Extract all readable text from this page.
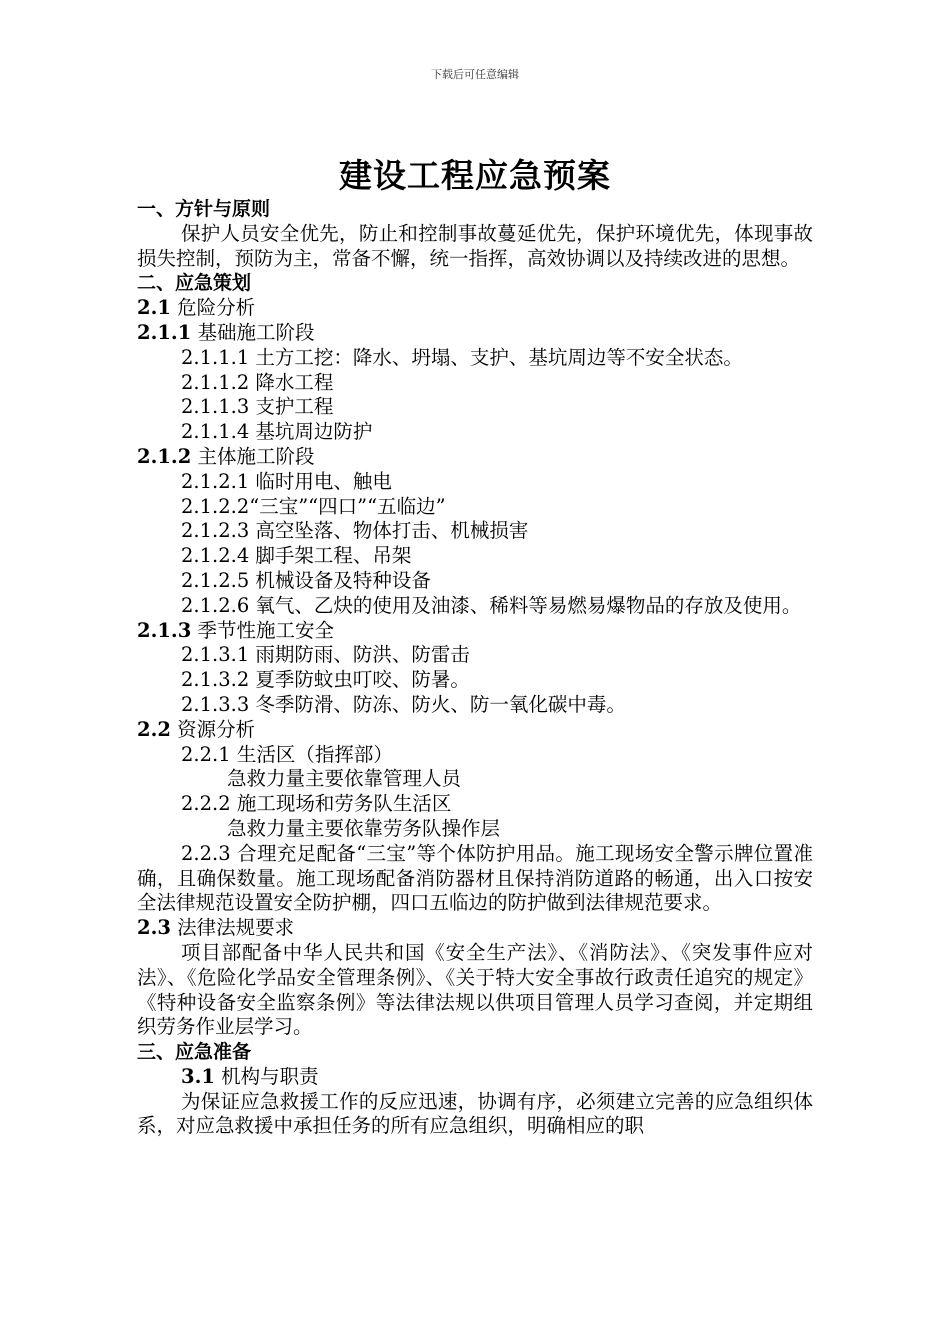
下载后可任意编辑
建设工程应急预案

一、方针与原则

保护人员安全优先，防止和控制事故蔓延优先，保护环境优先，体现事故损失控制，预防为主，常备不懈，统一指挥，高效协调以及持续改进的思想。

二、应急策划

2.1 危险分析

2.1.1 基础施工阶段

2.1.1.1 土方工挖：降水、坍塌、支护、基坑周边等不安全状态。

2.1.1.2 降水工程

2.1.1.3 支护工程

2.1.1.4 基坑周边防护

2.1.2 主体施工阶段

2.1.2.1 临时用电、触电

2.1.2.2“三宝”“四口”“五临边”

2.1.2.3 高空坠落、物体打击、机械损害

2.1.2.4 脚手架工程、吊架

2.1.2.5 机械设备及特种设备

2.1.2.6 氧气、乙炔的使用及油漆、稀料等易燃易爆物品的存放及使用。

2.1.3 季节性施工安全

2.1.3.1 雨期防雨、防洪、防雷击

2.1.3.2 夏季防蚊虫叮咬、防暑。

2.1.3.3 冬季防滑、防冻、防火、防一氧化碳中毒。

2.2 资源分析

2.2.1 生活区（指挥部）

急救力量主要依靠管理人员

2.2.2 施工现场和劳务队生活区

急救力量主要依靠劳务队操作层

2.2.3 合理充足配备“三宝”等个体防护用品。施工现场安全警示牌位置准确，且确保数量。施工现场配备消防器材且保持消防道路的畅通，出入口按安全法律规范设置安全防护棚，四口五临边的防护做到法律规范要求。

2.3 法律法规要求

项目部配备中华人民共和国《安全生产法》、《消防法》、《突发事件应对法》、《危险化学品安全管理条例》、《关于特大安全事故行政责任追究的规定》《特种设备安全监察条例》等法律法规以供项目管理人员学习查阅，并定期组织劳务作业层学习。

三、应急准备

3.1 机构与职责

为保证应急救援工作的反应迅速，协调有序，必须建立完善的应急组织体系，对应急救援中承担任务的所有应急组织，明确相应的职
